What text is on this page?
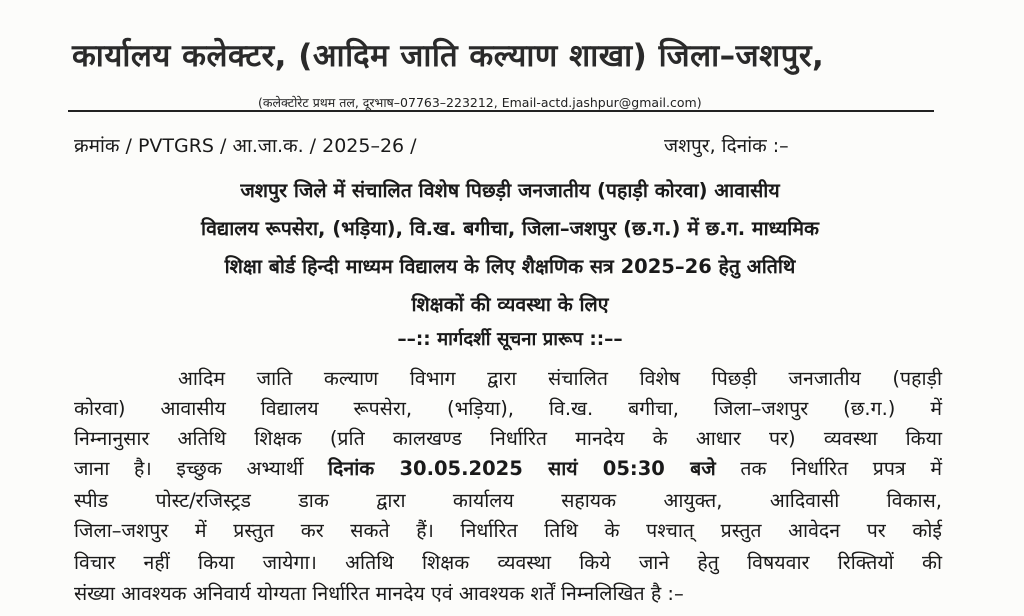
कार्यालय कलेक्टर, (आदिम जाति कल्याण शाखा) जिला–जशपुर,
(कलेक्टोरेट प्रथम तल, दूरभाष–07763–223212, Email-actd.jashpur@gmail.com)
क्रमांक / PVTGRS / आ.जा.क. / 2025–26 /	जशपुर, दिनांक :–
जशपुर जिले में संचालित विशेष पिछड़ी जनजातीय (पहाड़ी कोरवा) आवासीय
विद्यालय रूपसेरा, (भड़िया), वि.ख. बगीचा, जिला–जशपुर (छ.ग.) में छ.ग. माध्यमिक
शिक्षा बोर्ड हिन्दी माध्यम विद्यालय के लिए शैक्षणिक सत्र 2025–26 हेतु अतिथि
शिक्षकों की व्यवस्था के लिए
––:: मार्गदर्शी सूचना प्रारूप ::––
आदिम जाति कल्याण विभाग द्वारा संचालित विशेष पिछड़ी जनजातीय (पहाड़ी
कोरवा) आवासीय विद्यालय रूपसेरा, (भड़िया), वि.ख. बगीचा, जिला–जशपुर (छ.ग.) में
निम्नानुसार अतिथि शिक्षक (प्रति कालखण्ड निर्धारित मानदेय के आधार पर) व्यवस्था किया
जाना है। इच्छुक अभ्यार्थी दिनांक 30.05.2025 सायं 05:30 बजे तक निर्धारित प्रपत्र में
स्पीड पोस्ट/रजिस्ट्रड डाक द्वारा कार्यालय सहायक आयुक्त, आदिवासी विकास,
जिला–जशपुर में प्रस्तुत कर सकते हैं। निर्धारित तिथि के पश्चात् प्रस्तुत आवेदन पर कोई
विचार नहीं किया जायेगा। अतिथि शिक्षक व्यवस्था किये जाने हेतु विषयवार रिक्तियों की
संख्या आवश्यक अनिवार्य योग्यता निर्धारित मानदेय एवं आवश्यक शर्तें निम्नलिखित है :–
